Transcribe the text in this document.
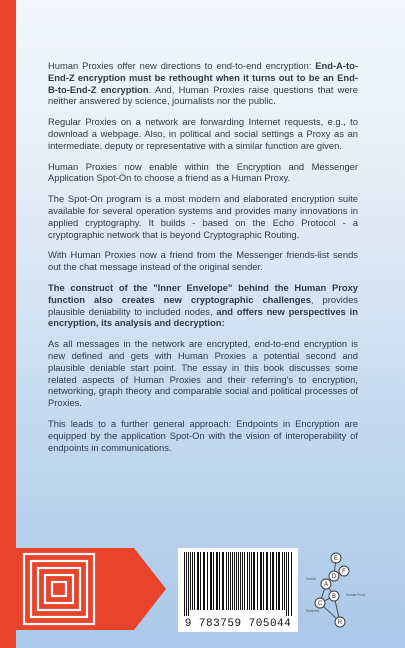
Human Proxies offer new directions to end-to-end encryption: End-A-to-End-Z encryption must be rethought when it turns out to be an End-B-to-End-Z encryption. And, Human Proxies raise questions that were neither answered by science, journalists nor the public.

Regular Proxies on a network are forwarding Internet requests, e.g., to download a webpage. Also, in political and social settings a Proxy as an intermediate, deputy or representative with a similar function are given.

Human Proxies now enable within the Encryption and Messenger Application Spot-On to choose a friend as a Human Proxy.

The Spot-On program is a most modern and elaborated encryption suite available for several operation systems and provides many innovations in applied cryptography. It builds - based on the Echo Protocol - a cryptographic network that is beyond Cryptographic Routing.

With Human Proxies now a friend from the Messenger friends-list sends out the chat message instead of the original sender.

The construct of the "Inner Envelope" behind the Human Proxy function also creates new cryptographic challenges, provides plausible deniability to included nodes, and offers new perspectives in encryption, its analysis and decryption:

As all messages in the network are encrypted, end-to-end encryption is new defined and gets with Human Proxies a potential second and plausible deniable start point. The essay in this book discusses some related aspects of Human Proxies and their referring's to encryption, networking, graph theory and comparable social and political processes of Proxies.

This leads to a further general approach: Endpoints in Encryption are equipped by the application Spot-On with the vision of interoperability of endpoints in communications.

9 783759 705044
E
F
A
B
C
R
D
Sender
Human Proxy
Recipient
